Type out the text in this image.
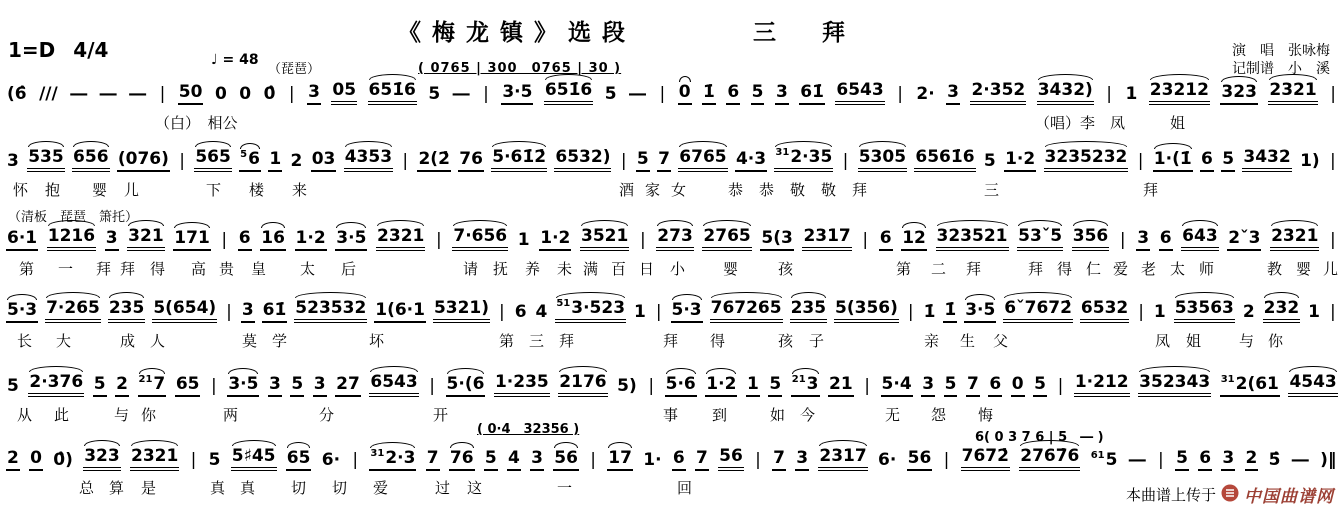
《梅龙镇》选段	三　　拜
1=D 4/4	♩ = 48
（琵琶）	( 0765 | 300　0765 | 30 )
演　唱　张咏梅
记制谱　小　溪
（清板　琵琶　箫托）
( 0·4　32356 )
6( 0 3 7 6 | 5　― )
(6̂ /// ― ― ― | 50 0 0 0̂ | 3 05 651̇6 5 ― | 3·5 651̇6 5 ― | 0 1̇ 6 5 3 61̇ 6543 | 2· 3 2·352 3432) | 1 23212 323 2321 |
（白）　相公	（唱）李　凤　　　姐
3 535 656 (076) | 565 $^5$6 1 2 03 4353 | 2(2̇ 76 5·61̇2̇ 6532) | 5 7 6765 4·3 $^{31}$2·35 | 5305 6561̇6 5 1·2 3235232 | 1·(1̇ 6 5 3432 1) |
怀 抱 婴 儿	下 楼 来	酒 家 女	恭 恭 敬 敬 拜	三	拜
6·1 1216 3 321 171 | 6 16 1·2 3·5 2321 | 7·656 1 1·2 3521 | 273 2765 5(3 2317 | 6 12 323521 53ˇ5 356 | 3 6 643 2ˇ3 2321 |
第 一 拜 拜 得 高 贵 皇 太 后	请 抚 养 未 满 百 日 小	婴	孩	第 二 拜	拜 得 仁 爱 老 太 师	教 婴 儿
5·3 7·265 235 5(654) | 3 61̇ 523532 1(6·1 5321) | 6 4 $^{51}$3·523 1 | 5·3 767265 235 5(356) | 1̇ 1̇ 3·5 6ˇ7672̇ 6532 | 1 53563 2 232 1 |
长 大	成 人	莫 学	坏	第 三 拜	拜 得	孩 子	亲 生 父	凤 姐	与 你
5 2·376 5 2 $^{21}$7 65 | 3·5 3 5 3 27 6543 | 5·(6 1·235 2176 5) | 5·6 1·2 1 5 $^{21}$3 21 | 5·4 3 5 7 6 0 5 | 1·212 352343 $^{31}$2(61 4543
从 此	与 你	两	分	开	事 到	如 今	无 怨 悔
2 0 0̂) 323 2321 | 5 5♯45 65 6· | $^{31}$2·3 7 76 5 4 3 56 | 17 1· 6 7 56 | 7 3 2317 6· 56 | 7672̇ 2767̇6 $^{61}$5 ― | 5 6 3 2 5̂ ― )‖
总 算 是	真 真 切 切 爱	过 这	一	回	本曲谱上传于 中国曲谱网
